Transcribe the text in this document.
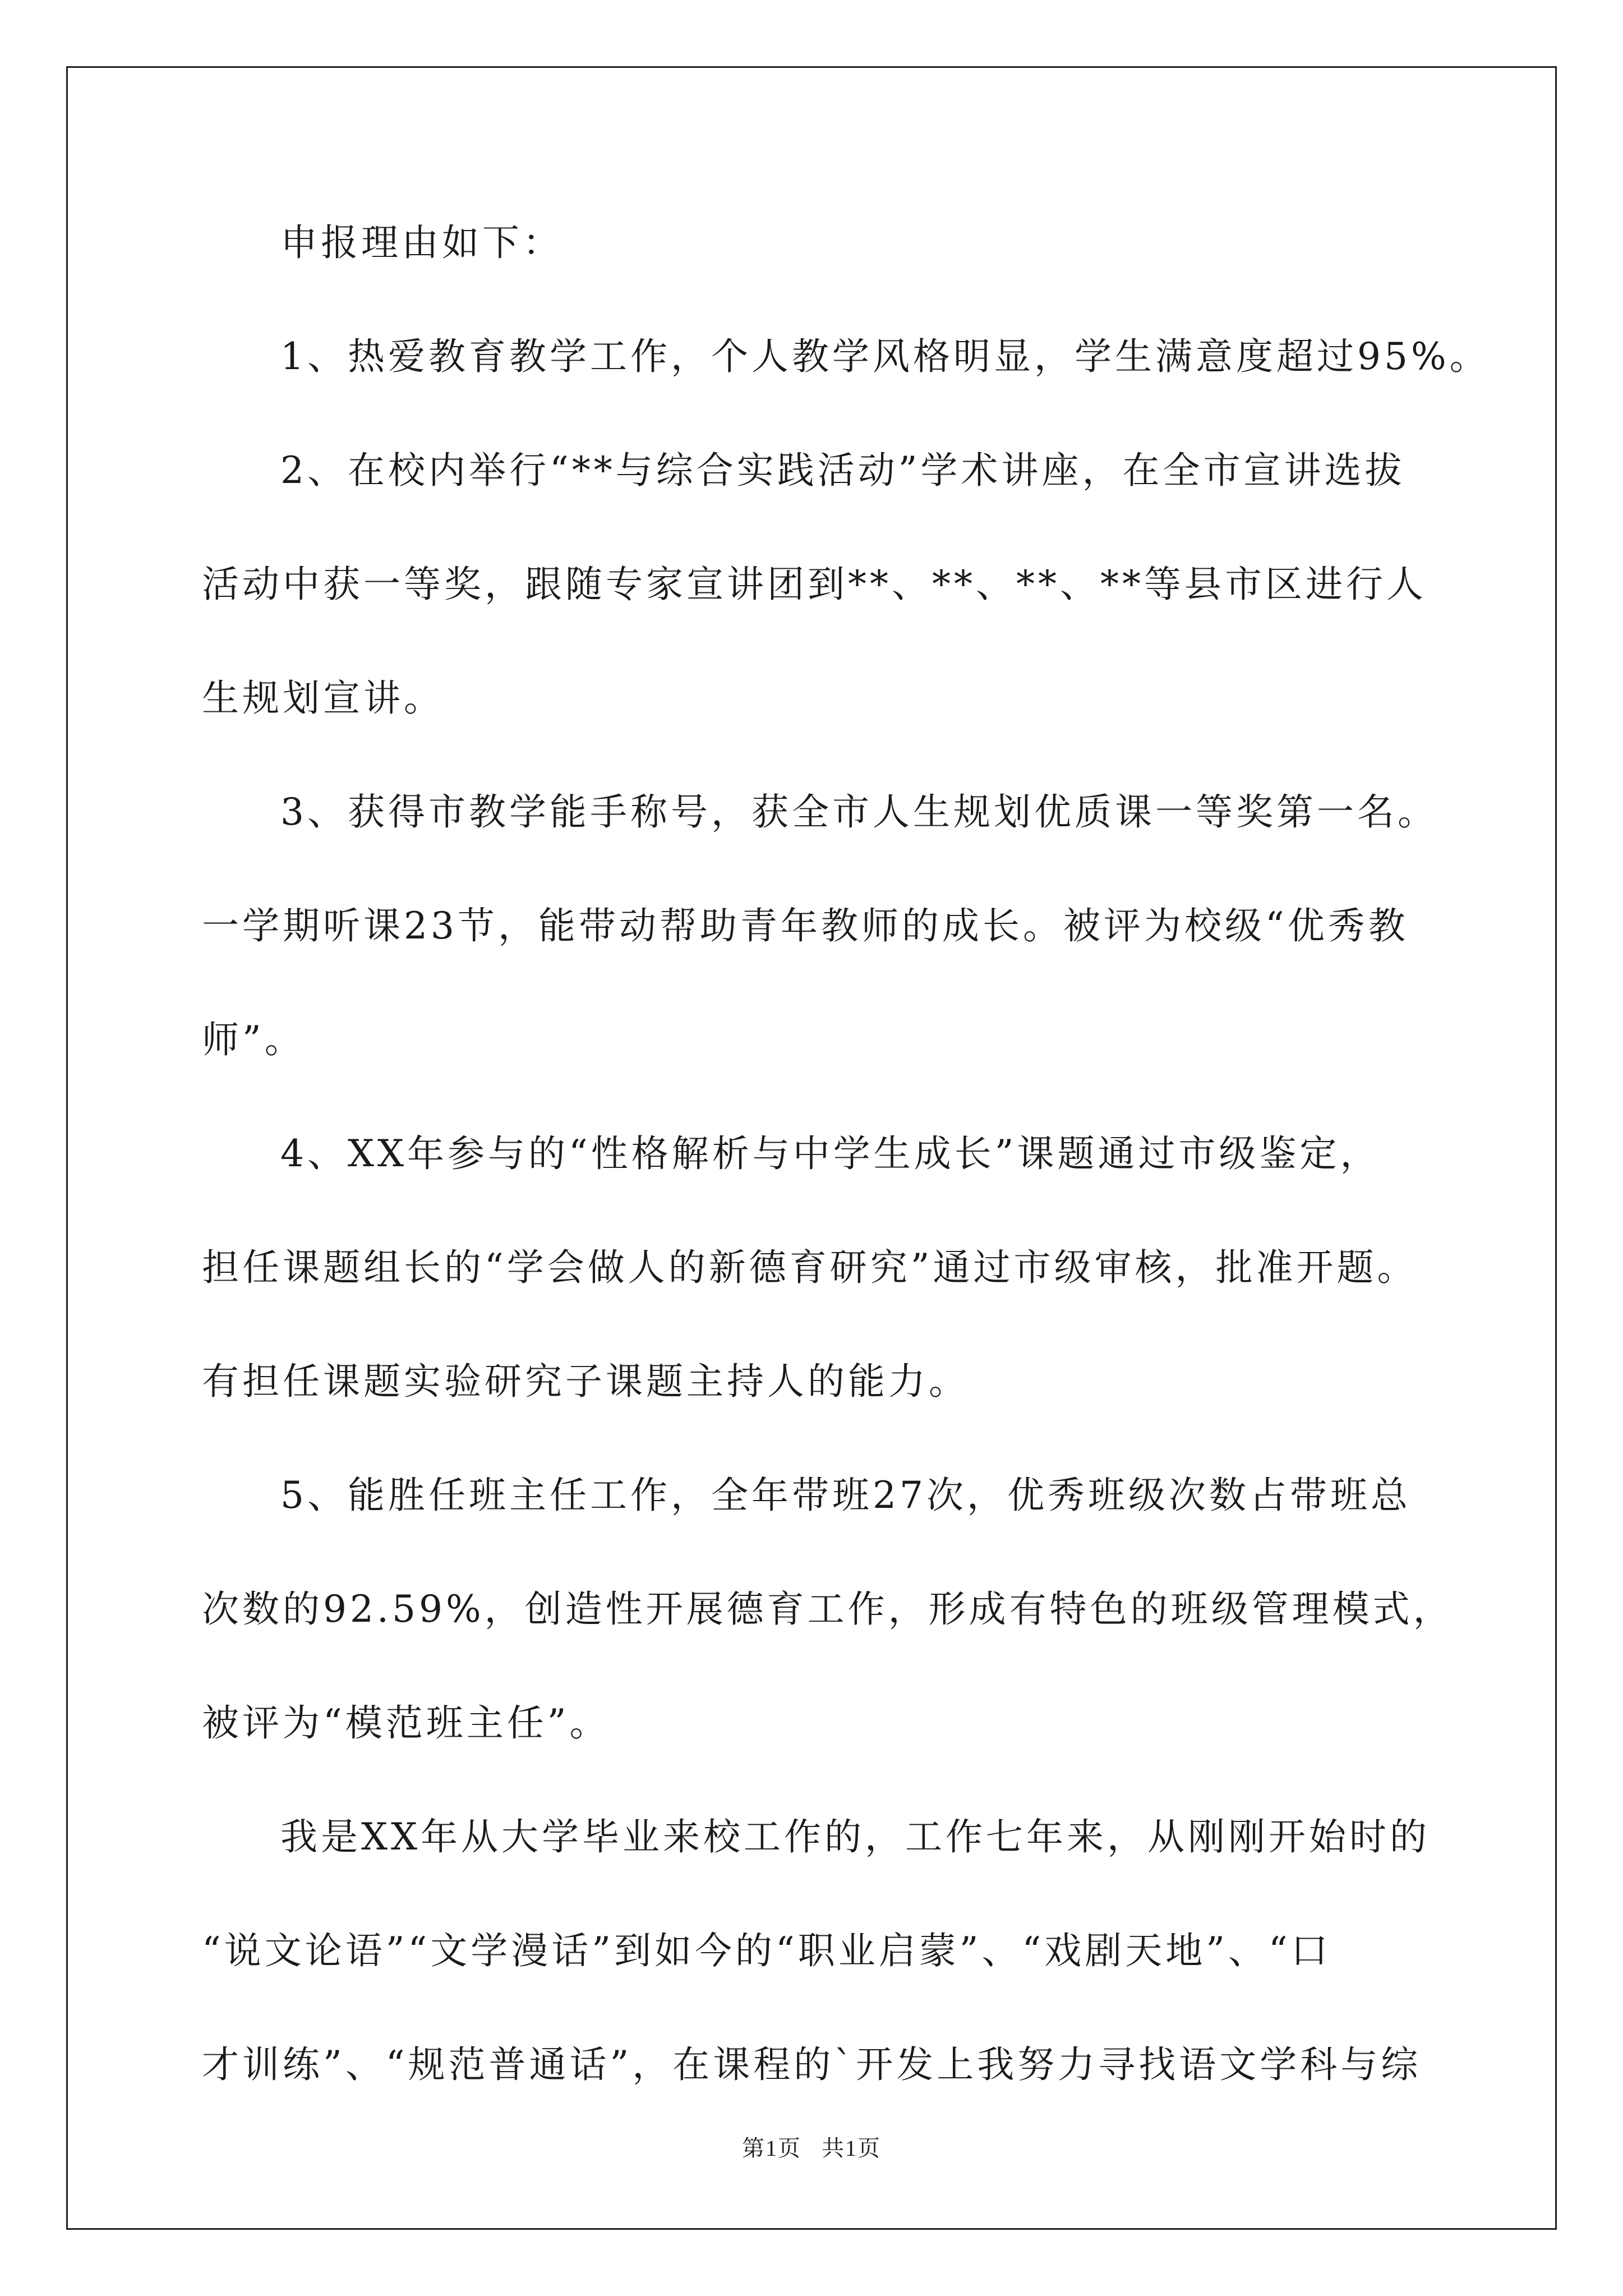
申报理由如下：
1、热爱教育教学工作，个人教学风格明显，学生满意度超过95%。
2、在校内举行“**与综合实践活动”学术讲座，在全市宣讲选拔
活动中获一等奖，跟随专家宣讲团到**、**、**、**等县市区进行人
生规划宣讲。
3、获得市教学能手称号，获全市人生规划优质课一等奖第一名。
一学期听课23节，能带动帮助青年教师的成长。被评为校级“优秀教
师”。
4、XX年参与的“性格解析与中学生成长”课题通过市级鉴定，
担任课题组长的“学会做人的新德育研究”通过市级审核，批准开题。
有担任课题实验研究子课题主持人的能力。
5、能胜任班主任工作，全年带班27次，优秀班级次数占带班总
次数的92.59%，创造性开展德育工作，形成有特色的班级管理模式，
被评为“模范班主任”。
我是XX年从大学毕业来校工作的，工作七年来，从刚刚开始时的
“说文论语”“文学漫话”到如今的“职业启蒙”、“戏剧天地”、“口
才训练”、“规范普通话”，在课程的`开发上我努力寻找语文学科与综
第1页   共1页
